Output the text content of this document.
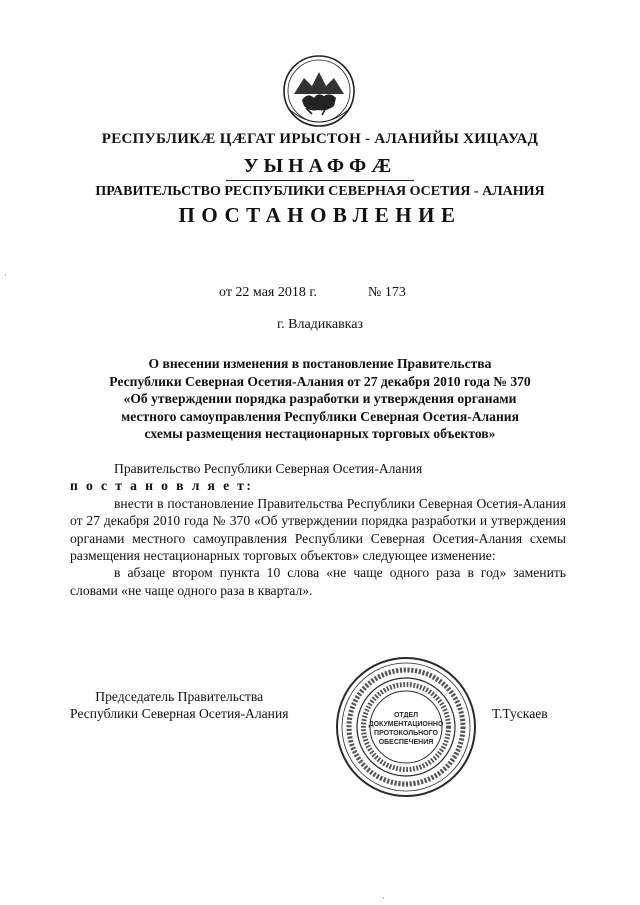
РЕСПУБЛИКӔ ЦӔГАТ ИРЫСТОН - АЛАНИЙЫ ХИЦАУАД
УЫНАФФӔ
ПРАВИТЕЛЬСТВО РЕСПУБЛИКИ СЕВЕРНАЯ ОСЕТИЯ - АЛАНИЯ
ПОСТАНОВЛЕНИЕ
от 22 мая 2018 г.	№ 173
г. Владикавказ
О внесении изменения в постановление Правительства
Республики Северная Осетия-Алания от 27 декабря 2010 года № 370
«Об утверждении порядка разработки и утверждения органами
местного самоуправления Республики Северная Осетия-Алания
схемы размещения нестационарных торговых объектов»

Правительство Республики Северная Осетия-Алания

п о с т а н о в л я е т:

внести в постановление Правительства Республики Северная Осетия-Алания от 27 декабря 2010 года № 370 «Об утверждении порядка разработки и утверждения органами местного самоуправления Республики Северная Осетия-Алания схемы размещения нестационарных торговых объектов» следующее изменение:

в абзаце втором пункта 10 слова «не чаще одного раза в год» заменить словами «не чаще одного раза в квартал».

Председатель Правительства
Республики Северная Осетия-Алания	ОТДЕЛ
ДОКУМЕНТАЦИОННО
ПРОТОКОЛЬНОГО
ОБЕСПЕЧЕНИЯ
Т.Тускаев
·
·
